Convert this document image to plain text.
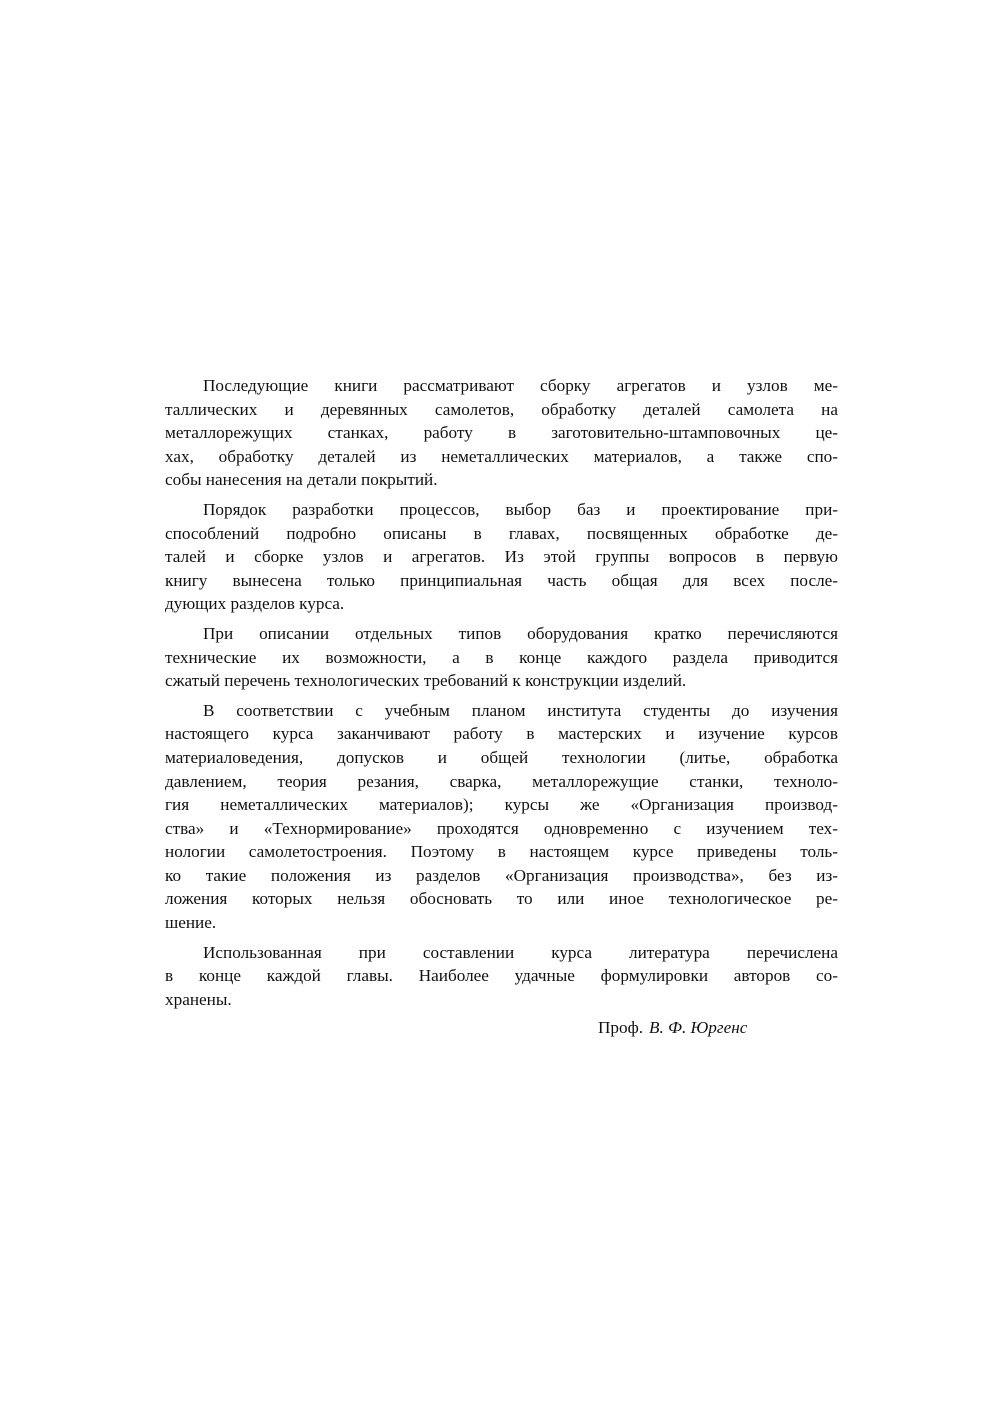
Последующие книги рассматривают сборку агрегатов и узлов ме-
таллических и деревянных самолетов, обработку деталей самолета на
металлорежущих станках, работу в заготовительно-штамповочных це-
хах, обработку деталей из неметаллических материалов, а также спо-
собы нанесения на детали покрытий.

Порядок разработки процессов, выбор баз и проектирование при-
способлений подробно описаны в главах, посвященных обработке де-
талей и сборке узлов и агрегатов. Из этой группы вопросов в первую
книгу вынесена только принципиальная часть общая для всех после-
дующих разделов курса.

При описании отдельных типов оборудования кратко перечисляются
технические их возможности, а в конце каждого раздела приводится
сжатый перечень технологических требований к конструкции изделий.

В соответствии с учебным планом института студенты до изучения
настоящего курса заканчивают работу в мастерских и изучение курсов
материаловедения, допусков и общей технологии (литье, обработка
давлением, теория резания, сварка, металлорежущие станки, техноло-
гия неметаллических материалов); курсы же «Организация производ-
ства» и «Технормирование» проходятся одновременно с изучением тех-
нологии самолетостроения. Поэтому в настоящем курсе приведены толь-
ко такие положения из разделов «Организация производства», без из-
ложения которых нельзя обосновать то или иное технологическое ре-
шение.

Использованная при составлении курса литература перечислена
в конце каждой главы. Наиболее удачные формулировки авторов со-
хранены.

Проф. В. Ф. Юргенс
